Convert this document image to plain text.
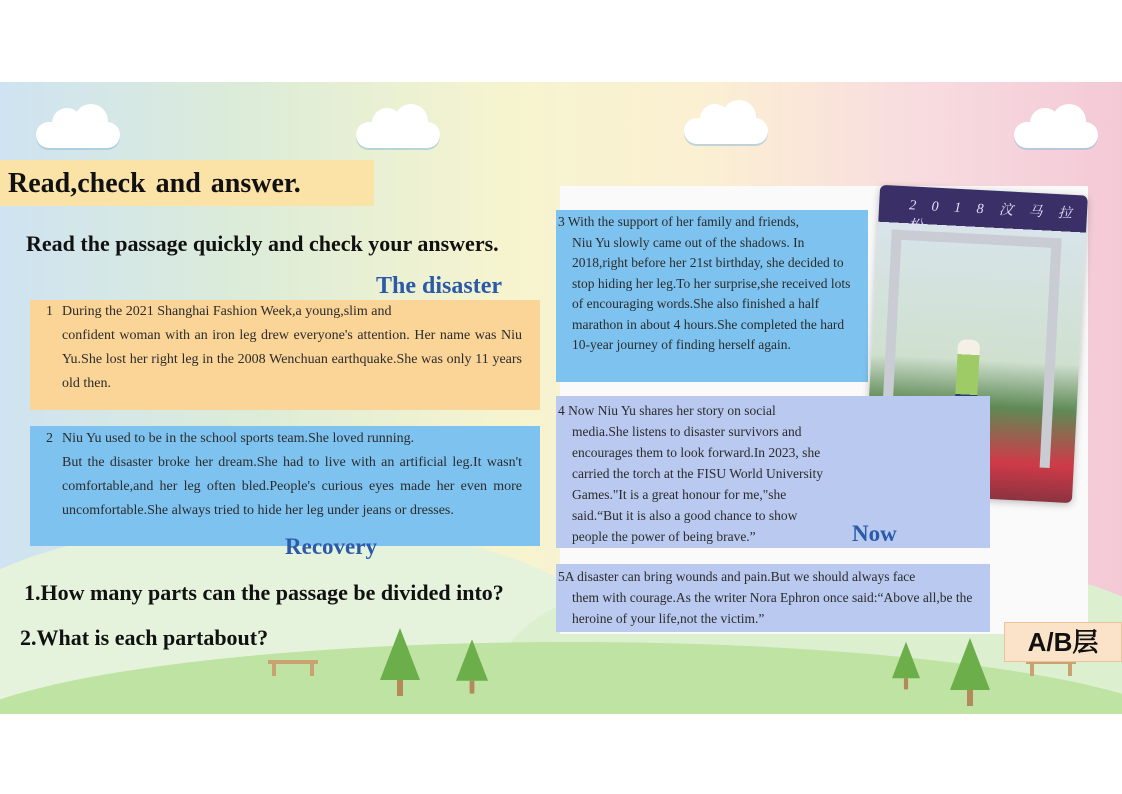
Read,check and answer.
Read the passage quickly and check your answers.
1 During the 2021 Shanghai Fashion Week,a young,slim and
confident woman with an iron leg drew everyone's attention. Her name was Niu Yu.She lost her right leg in the 2008 Wenchuan earthquake.She was only 11 years old then.
The disaster
2 Niu Yu used to be in the school sports team.She loved running.
But the disaster broke her dream.She had to live with an artificial leg.It wasn't comfortable,and her leg often bled.People's curious eyes made her even more uncomfortable.She always tried to hide her leg under jeans or dresses.
Recovery
3 With the support of her family and friends,
Niu Yu slowly came out of the shadows. In 2018,right before her 21st birthday, she decided to stop hiding her leg.To her surprise,she received lots of encouraging words.She also finished a half marathon in about 4 hours.She completed the hard 10-year journey of finding herself again.
2 0 1 8 汶 马 拉 松
4 Now Niu Yu shares her story on social
media.She listens to disaster survivors and encourages them to look forward.In 2023, she carried the torch at the FISU World University Games."It is a great honour for me,"she said.“But it is also a good chance to show people the power of being brave.”	Now
5A disaster can bring wounds and pain.But we should always face
them with courage.As the writer Nora Ephron once said:“Above all,be the heroine of your life,not the victim.”
1.How many parts can the passage be divided into?
2.What is each partabout?	A/B层
